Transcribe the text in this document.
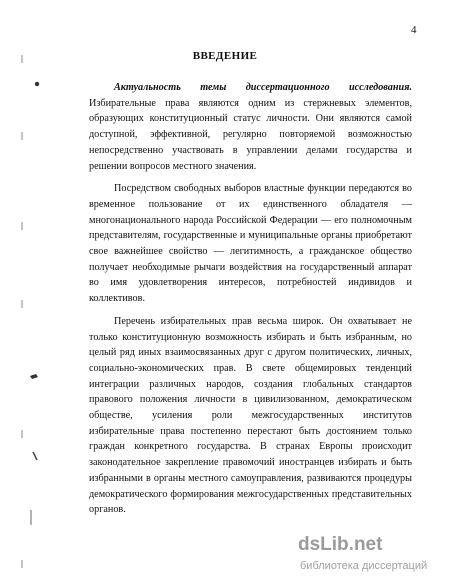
4
ВВЕДЕНИЕ

Актуальность темы диссертационного исследования. Избирательные права являются одним из стержневых элементов, образующих конституционный статус личности. Они являются самой доступной, эффективной, регулярно повторяемой возможностью непосредственно участвовать в управлении делами государства и решении вопросов местного значения.

Посредством свободных выборов властные функции передаются во временное пользование от их единственного обладателя — многонационального народа Российской Федерации — его полномочным представителям, государственные и муниципальные органы приобретают свое важнейшее свойство — легитимность, а гражданское общество получает необходимые рычаги воздействия на государственный аппарат во имя удовлетворения интересов, потребностей индивидов и коллективов.

Перечень избирательных прав весьма широк. Он охватывает не только конституционную возможность избирать и быть избранным, но целый ряд иных взаимосвязанных друг с другом политических, личных, социально-экономических прав. В свете общемировых тенденций интеграции различных народов, создания глобальных стандартов правового положения личности в цивилизованном, демократическом обществе, усиления роли межгосударственных институтов избирательные права постепенно перестают быть достоянием только граждан конкретного государства. В странах Европы происходит законодательное закрепление правомочий иностранцев избирать и быть избранными в органы местного самоуправления, развиваются процедуры демократического формирования межгосударственных представительных органов.

dsLib.net
библиотека диссертаций
